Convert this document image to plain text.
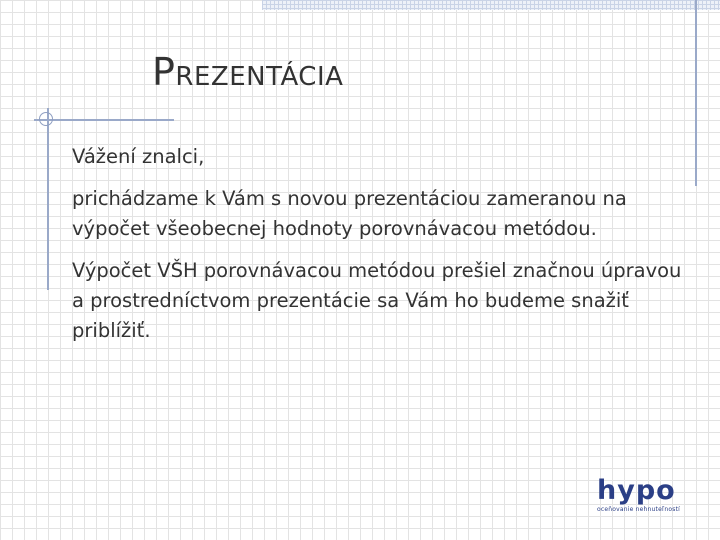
PREZENTÁCIA

Vážení znalci,

prichádzame k Vám s novou prezentáciou zameranou na výpočet všeobecnej hodnoty porovnávacou metódou.

Výpočet VŠH porovnávacou metódou prešiel značnou úpravou a prostredníctvom prezentácie sa Vám ho budeme snažiť priblížiť.

hypo
oceňovanie nehnuteľností
